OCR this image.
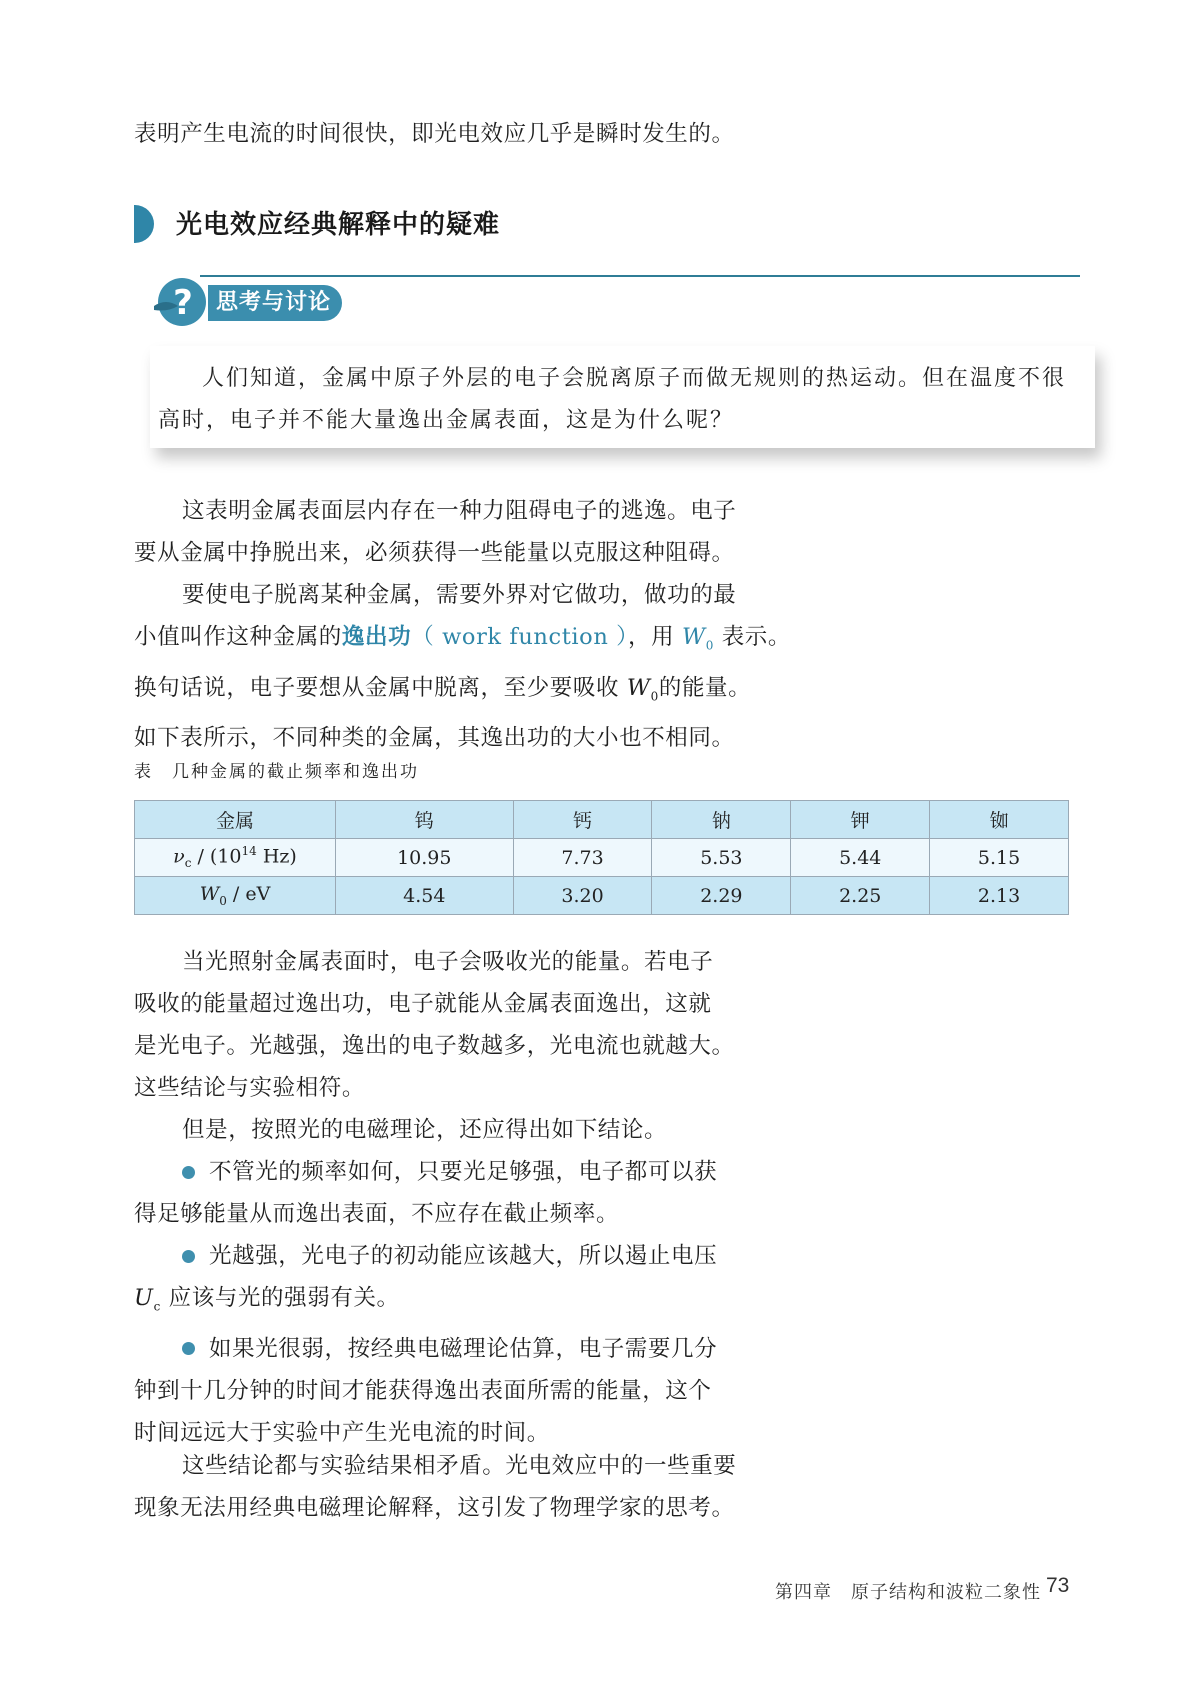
表明产生电流的时间很快，即光电效应几乎是瞬时发生的。
光电效应经典解释中的疑难
思考与讨论
?
人们知道，金属中原子外层的电子会脱离原子而做无规则的热运动。但在温度不很
高时，电子并不能大量逸出金属表面，这是为什么呢？
这表明金属表面层内存在一种力阻碍电子的逃逸。电子
要从金属中挣脱出来，必须获得一些能量以克服这种阻碍。
要使电子脱离某种金属，需要外界对它做功，做功的最
小值叫作这种金属的逸出功（ work function ），用 $W_0$ 表示。
换句话说，电子要想从金属中脱离，至少要吸收 $W_0$的能量。
如下表所示，不同种类的金属，其逸出功的大小也不相同。
表　几种金属的截止频率和逸出功
金属	钨	钙	钠	钾	铷
$\nu_c / (10^{14}$ Hz)	10.95	7.73	5.53	5.44	5.15
$W_0$ / eV	4.54	3.20	2.29	2.25	2.13
当光照射金属表面时，电子会吸收光的能量。若电子
吸收的能量超过逸出功，电子就能从金属表面逸出，这就
是光电子。光越强，逸出的电子数越多，光电流也就越大。
这些结论与实验相符。
但是，按照光的电磁理论，还应得出如下结论。
不管光的频率如何，只要光足够强，电子都可以获
得足够能量从而逸出表面，不应存在截止频率。
光越强，光电子的初动能应该越大，所以遏止电压
$U_c$ 应该与光的强弱有关。
如果光很弱，按经典电磁理论估算，电子需要几分
钟到十几分钟的时间才能获得逸出表面所需的能量，这个
时间远远大于实验中产生光电流的时间。
这些结论都与实验结果相矛盾。光电效应中的一些重要
现象无法用经典电磁理论解释，这引发了物理学家的思考。
第四章　原子结构和波粒二象性 73
